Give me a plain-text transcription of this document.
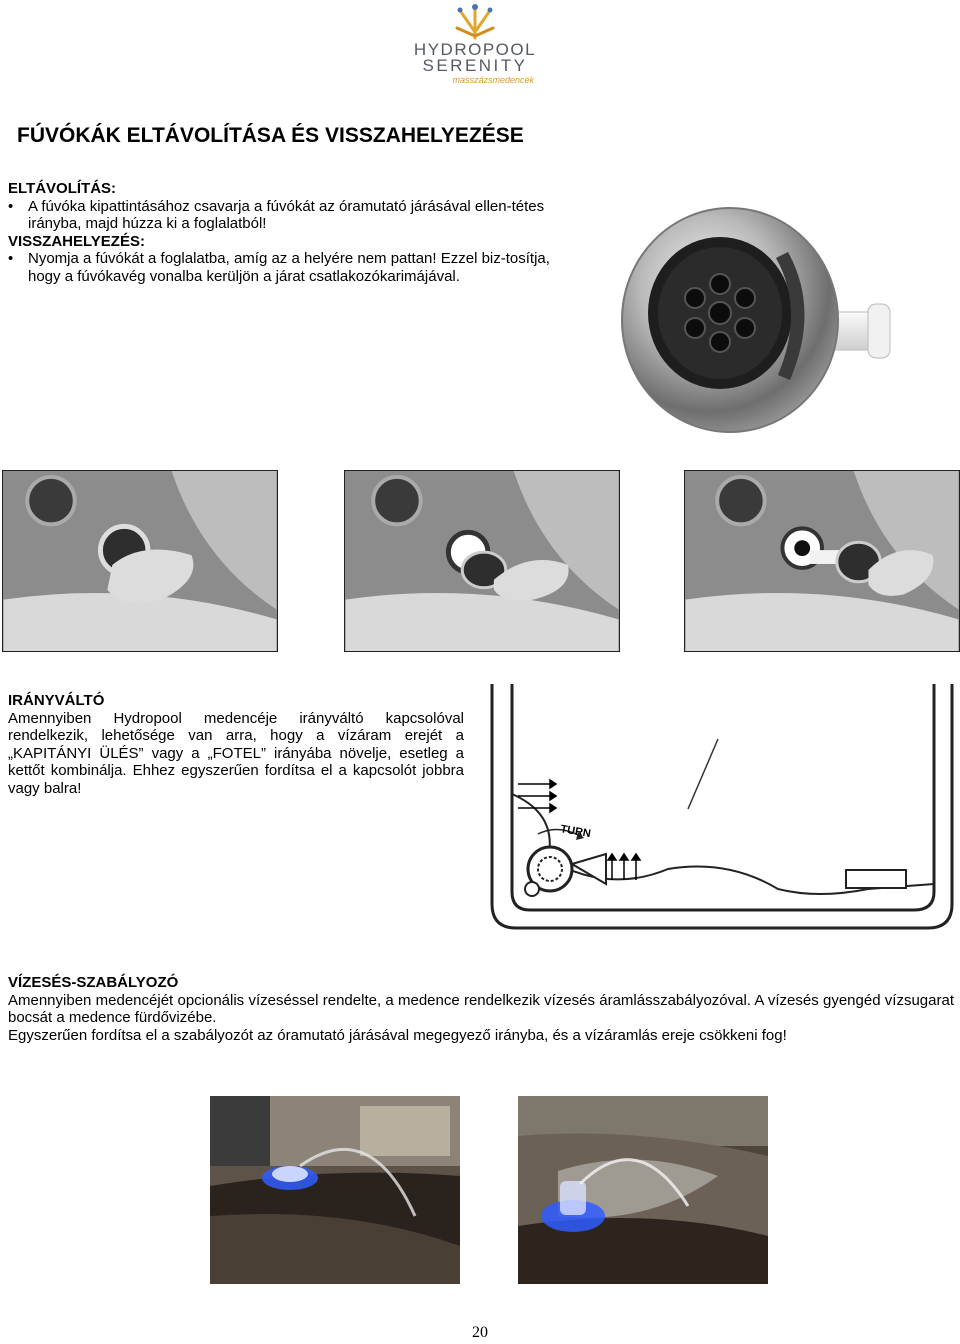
HYDROPOOL
SERENITY
masszázsmedencék
FÚVÓKÁK ELTÁVOLÍTÁSA ÉS VISSZAHELYEZÉSE
ELTÁVOLÍTÁS:
• A fúvóka kipattintásához csavarja a fúvókát az óramutató járásával ellen-tétes irányba, majd húzza ki a foglalatból!
VISSZAHELYEZÉS:
• Nyomja a fúvókát a foglalatba, amíg az a helyére nem pattan! Ezzel biz-tosítja, hogy a fúvókavég vonalba kerüljön a járat csatlakozókarimájával.
IRÁNYVÁLTÓ
Amennyiben Hydropool medencéje irányváltó kapcsolóval rendelkezik, lehetősége van arra, hogy a vízáram erejét a „KAPITÁNYI ÜLÉS” vagy a „FOTEL” irányába növelje, esetleg a kettőt kombinálja. Ehhez egyszerűen fordítsa el a kapcsolót jobbra vagy balra!
TURN
VÍZESÉS-SZABÁLYOZÓ
Amennyiben medencéjét opcionális vízeséssel rendelte, a medence rendelkezik vízesés áramlásszabályozóval. A vízesés gyengéd vízsugarat bocsát a medence fürdővizébe.
Egyszerűen fordítsa el a szabályozót az óramutató járásával megegyező irányba, és a vízáramlás ereje csökkeni fog!
20
